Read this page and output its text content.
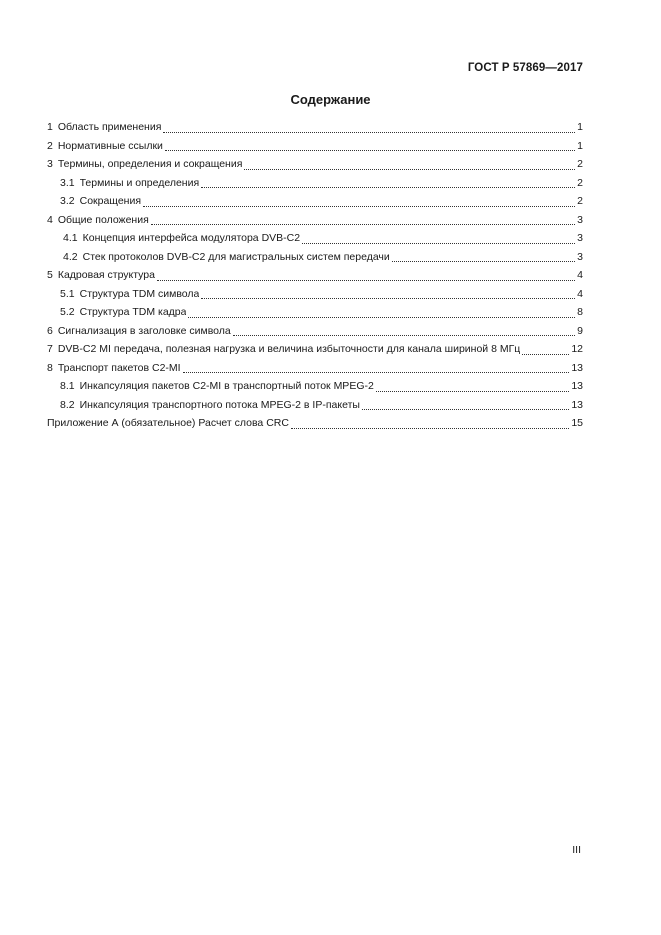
ГОСТ Р 57869—2017
Содержание
1 Область применения	1
2 Нормативные ссылки	1
3 Термины, определения и сокращения	2
3.1 Термины и определения	2
3.2 Сокращения	2
4 Общие положения	3
4.1 Концепция интерфейса модулятора DVB-C2	3
4.2 Стек протоколов DVB-C2 для магистральных систем передачи	3
5 Кадровая структура	4
5.1 Структура TDM символа	4
5.2 Структура TDM кадра	8
6 Сигнализация в заголовке символа	9
7 DVB-C2 MI передача, полезная нагрузка и величина избыточности для канала шириной 8 МГц	12
8 Транспорт пакетов C2-MI	13
8.1 Инкапсуляция пакетов C2-MI в транспортный поток MPEG-2	13
8.2 Инкапсуляция транспортного потока MPEG-2 в IP-пакеты	13
Приложение А (обязательное) Расчет слова CRC	15
III
